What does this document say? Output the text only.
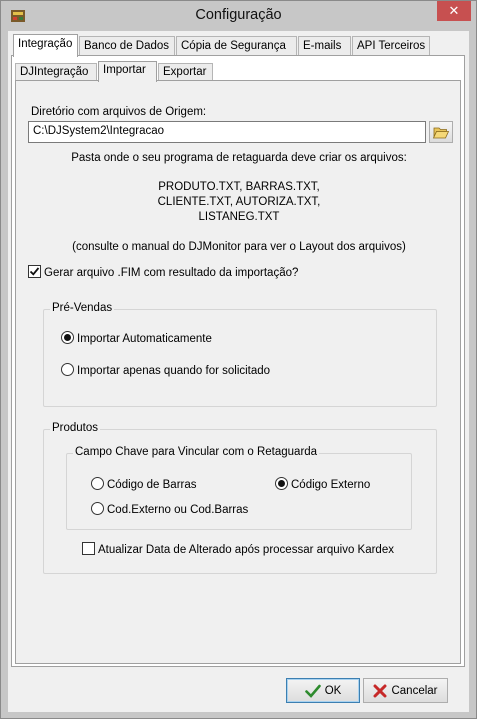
Configuração	✕
Integração	Banco de Dados	Cópia de Segurança	E-mails	API Terceiros
DJIntegração	Importar	Exportar
Diretório com arquivos de Origem:
C:\DJSystem2\Integracao
Pasta onde o seu programa de retaguarda deve criar os arquivos:
PRODUTO.TXT, BARRAS.TXT,
CLIENTE.TXT, AUTORIZA.TXT,
LISTANEG.TXT
(consulte o manual do DJMonitor para ver o Layout dos arquivos)
Gerar arquivo .FIM com resultado da importação?
Pré-Vendas
Importar Automaticamente
Importar apenas quando for solicitado
Produtos
Campo Chave para Vincular com o Retaguarda
Código de Barras	Código Externo
Cod.Externo ou Cod.Barras
Atualizar Data de Alterado após processar arquivo Kardex
OK	Cancelar
